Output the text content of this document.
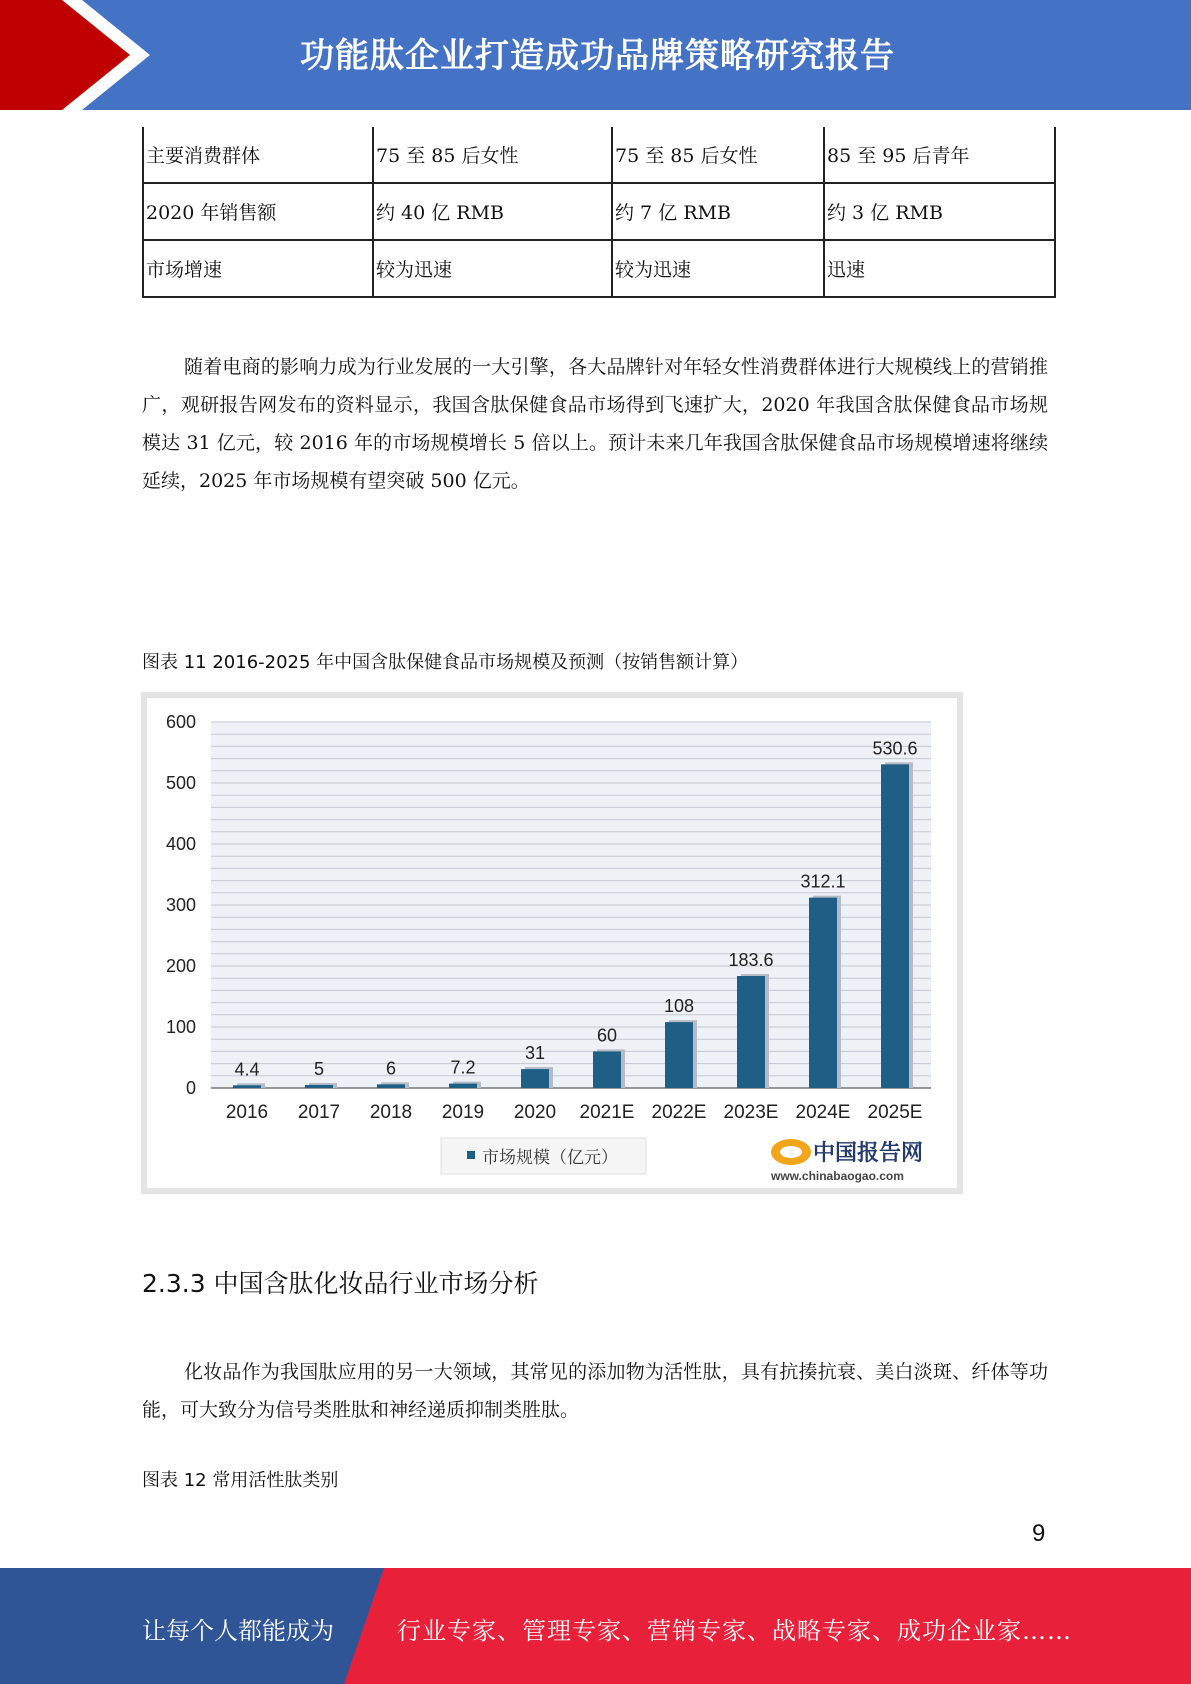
功能肽企业打造成功品牌策略研究报告
主要消费群体	75 至 85 后女性	75 至 85 后女性	85 至 95 后青年
2020 年销售额	约 40 亿 RMB	约 7 亿 RMB	约 3 亿 RMB
市场增速	较为迅速	较为迅速	迅速
随着电商的影响力成为行业发展的一大引擎，各大品牌针对年轻女性消费群体进行大规模线上的营销推广，观研报告网发布的资料显示，我国含肽保健食品市场得到飞速扩大，2020 年我国含肽保健食品市场规模达 31 亿元，较 2016 年的市场规模增长 5 倍以上。预计未来几年我国含肽保健食品市场规模增速将继续延续，2025 年市场规模有望突破 500 亿元。
图表 11 2016-2025 年中国含肽保健食品市场规模及预测（按销售额计算）
0
100
200
300
400
500
600
4.4
2016
5
2017
6
2018
7.2
2019
31
2020
60
2021E
108
2022E
183.6
2023E
312.1
2024E
530.6
2025E
市场规模（亿元）	中国报告网
www.chinabaogao.com
2.3.3 中国含肽化妆品行业市场分析
化妆品作为我国肽应用的另一大领域，其常见的添加物为活性肽，具有抗揍抗衰、美白淡斑、纤体等功能，可大致分为信号类胜肽和神经递质抑制类胜肽。
图表 12 常用活性肽类别
9
让每个人都能成为	行业专家、管理专家、营销专家、战略专家、成功企业家……
